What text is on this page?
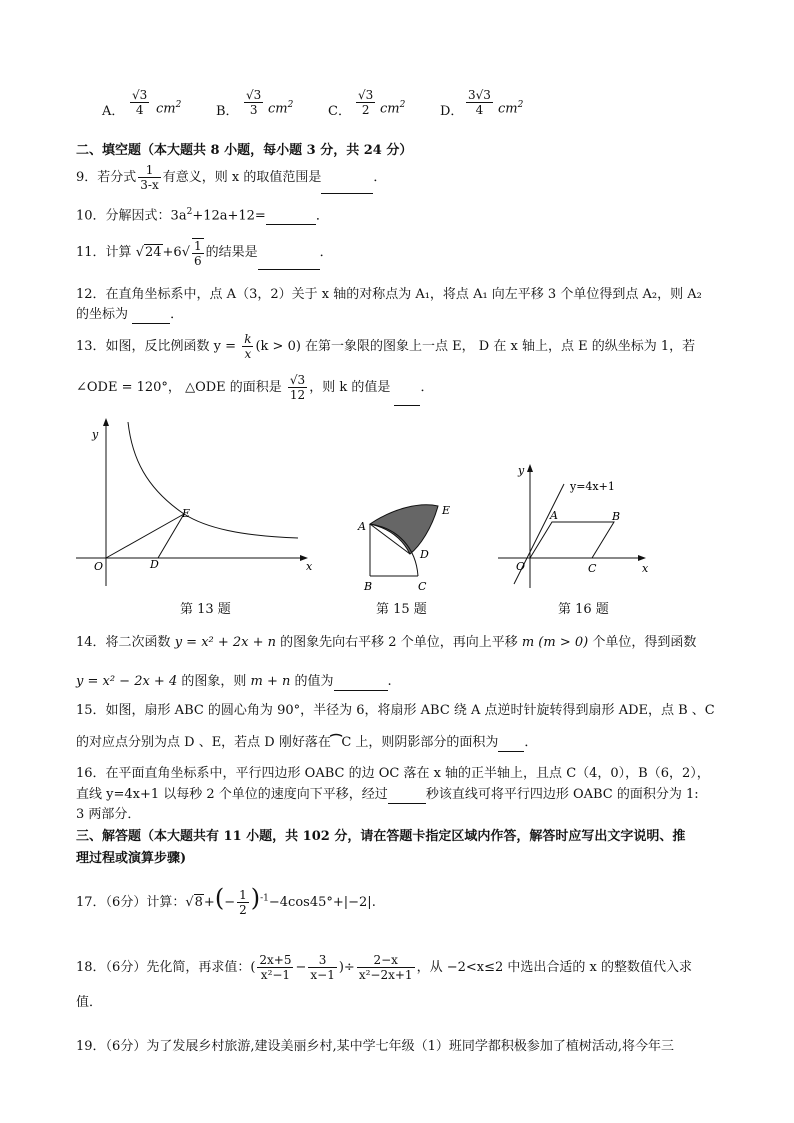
A． $\frac{√3}{4} cm^2$	B． $\frac{√3}{3} cm^2$	C． $\frac{√3}{2} cm^2$	D． $\frac{3√3}{4} cm^2$
二、填空题（本大题共 8 小题，每小题 3 分，共 24 分）
9．若分式 $\frac{1}{3-x}$ 有意义，则 x 的取值范围是	．
10．分解因式：$3a^2+12a+12=$	．
11．计算 $√24+6√ \frac{1}{6}$ 的结果是	．
12．在直角坐标系中，点 A（3，2）关于 x 轴的对称点为 A₁，将点 A₁ 向左平移 3 个单位得到点 A₂，则 A₂
的坐标为	．
13．如图，反比例函数 $y = \frac{k}{x} (k > 0)$ 在第一象限的图象上一点 E， D 在 x 轴上，点 E 的纵坐标为 1，若
∠ODE = 120°， △ODE 的面积是 $\frac{√3}{12}$ ，则 k 的值是 ．
y
x
O	D
E
第 13 题
A
B	C
D
E
第 15 题
y
x
O
A	B
C
y=4x+1
第 16 题
14．将二次函数 y = x² + 2x + n 的图象先向右平移 2 个单位，再向上平移 m (m > 0) 个单位，得到函数
y = x² − 2x + 4 的图象，则 m + n 的值为	.
15．如图，扇形 ABC 的圆心角为 90°，半径为 6，将扇形 ABC 绕 A 点逆时针旋转得到扇形 ADE，点 B 、C
的对应点分别为点 D 、E，若点 D 刚好落在⁀C 上，则阴影部分的面积为 ．
16．在平面直角坐标系中，平行四边形 OABC 的边 OC 落在 x 轴的正半轴上，且点 C（4，0），B（6，2），
直线 y=4x+1 以每秒 2 个单位的速度向下平移，经过	秒该直线可将平行四边形 OABC 的面积分为 1:
3 两部分．
三、解答题（本大题共有 11 小题，共 102 分，请在答题卡指定区域内作答，解答时应写出文字说明、推
理过程或演算步骤)
17．（6分）计算：$√8+(- \frac{1}{2} )^{-1}-4\cos 45^\circ+|-2|$.
18．（6分）先化简，再求值：( $\frac{2x+5}{\text{x²−1}} - \frac{3}{x-1}$ )÷ $\frac{2-x}{\text{x²−2x+1}}$ ，从 −2<x≤2 中选出合适的 x 的整数值代入求
值．
19．（6分）为了发展乡村旅游,建设美丽乡村,某中学七年级（1）班同学都积极参加了植树活动,将今年三
